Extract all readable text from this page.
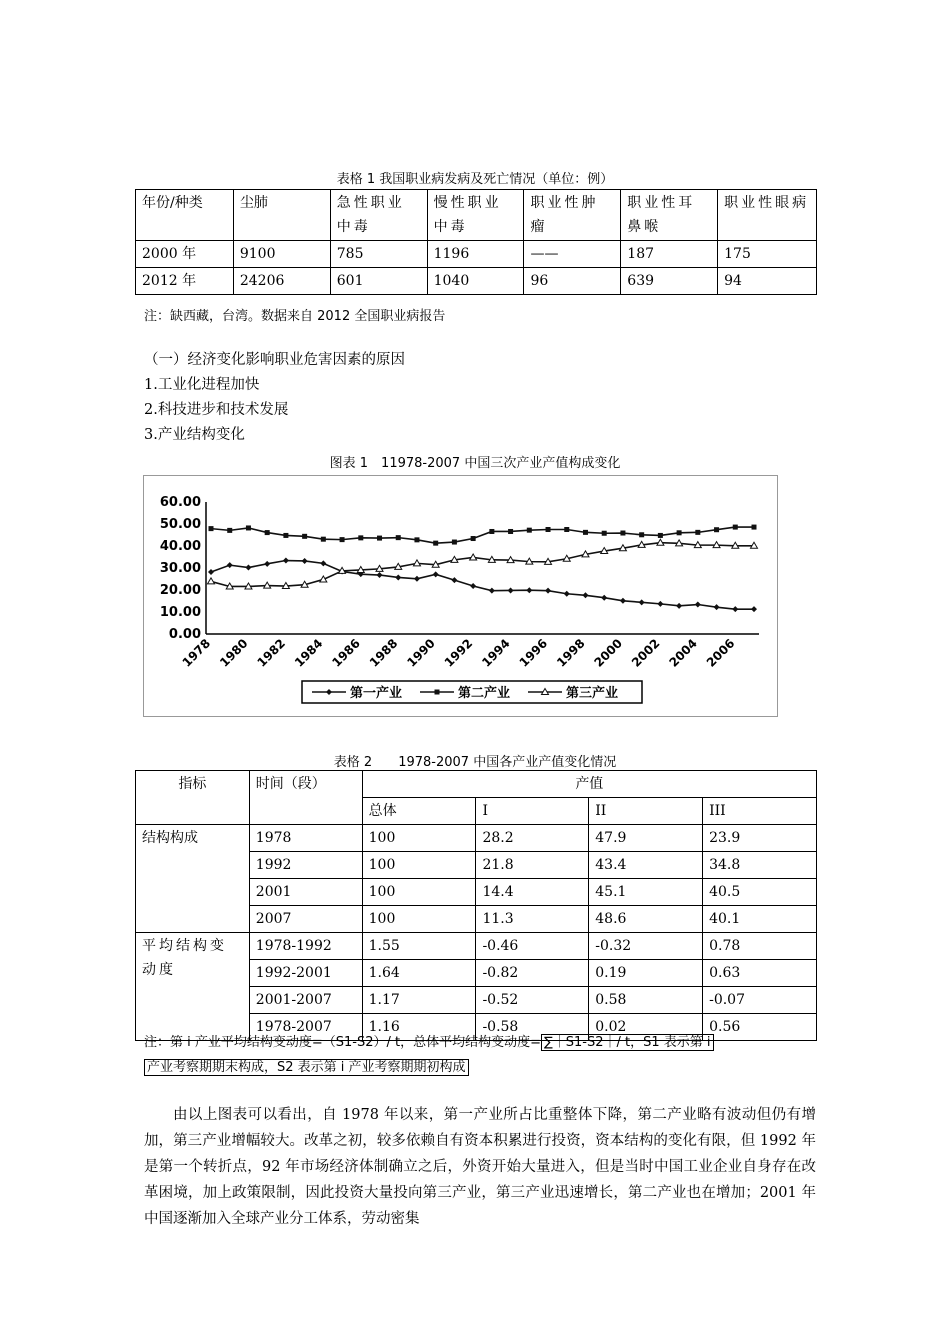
表格 1 我国职业病发病及死亡情况（单位：例）
年份/种类	尘肺	急性职业中毒	慢性职业中毒	职业性肿瘤	职业性耳鼻喉	职业性眼病
2000 年	9100	785	1196	——	187	175
2012 年	24206	601	1040	96	639	94
注：缺西藏，台湾。数据来自 2012 全国职业病报告
（一）经济变化影响职业危害因素的原因
1.工业化进程加快
2.科技进步和技术发展
3.产业结构变化
图表 1　11978-2007 中国三次产业产值构成变化
60.00
50.00
40.00
30.00
20.00
10.00
0.00
1978 1980 1982 1984 1986 1988 1990 1992 1994 1996 1998 2000 2002 2004 2006
第一产业	第二产业	第三产业
表格 2　　1978-2007 中国各产业产值变化情况
指标	时间（段）	产值			
		总体	I	II	III
结构构成	1978	100	28.2	47.9	23.9
	1992	100	21.8	43.4	34.8
	2001	100	14.4	45.1	40.5
	2007	100	11.3	48.6	40.1
平均结构变动度	1978-1992	1.55	-0.46	-0.32	0.78
	1992-2001	1.64	-0.82	0.19	0.63
	2001-2007	1.17	-0.52	0.58	-0.07
	1978-2007	1.16	-0.58	0.02	0.56
注：第 i 产业平均结构变动度=（S1-S2）/ t，总体平均结构变动度= ∑｜S1-S2｜/ t，S1 表示第 i
产业考察期期末构成，S2 表示第 i 产业考察期期初构成

由以上图表可以看出，自 1978 年以来，第一产业所占比重整体下降，第二产业略有波动但仍有增加，第三产业增幅较大。改革之初，较多依赖自有资本积累进行投资，资本结构的变化有限，但 1992 年是第一个转折点，92 年市场经济体制确立之后，外资开始大量进入，但是当时中国工业企业自身存在改革困境，加上政策限制，因此投资大量投向第三产业，第三产业迅速增长，第二产业也在增加；2001 年中国逐渐加入全球产业分工体系，劳动密集
